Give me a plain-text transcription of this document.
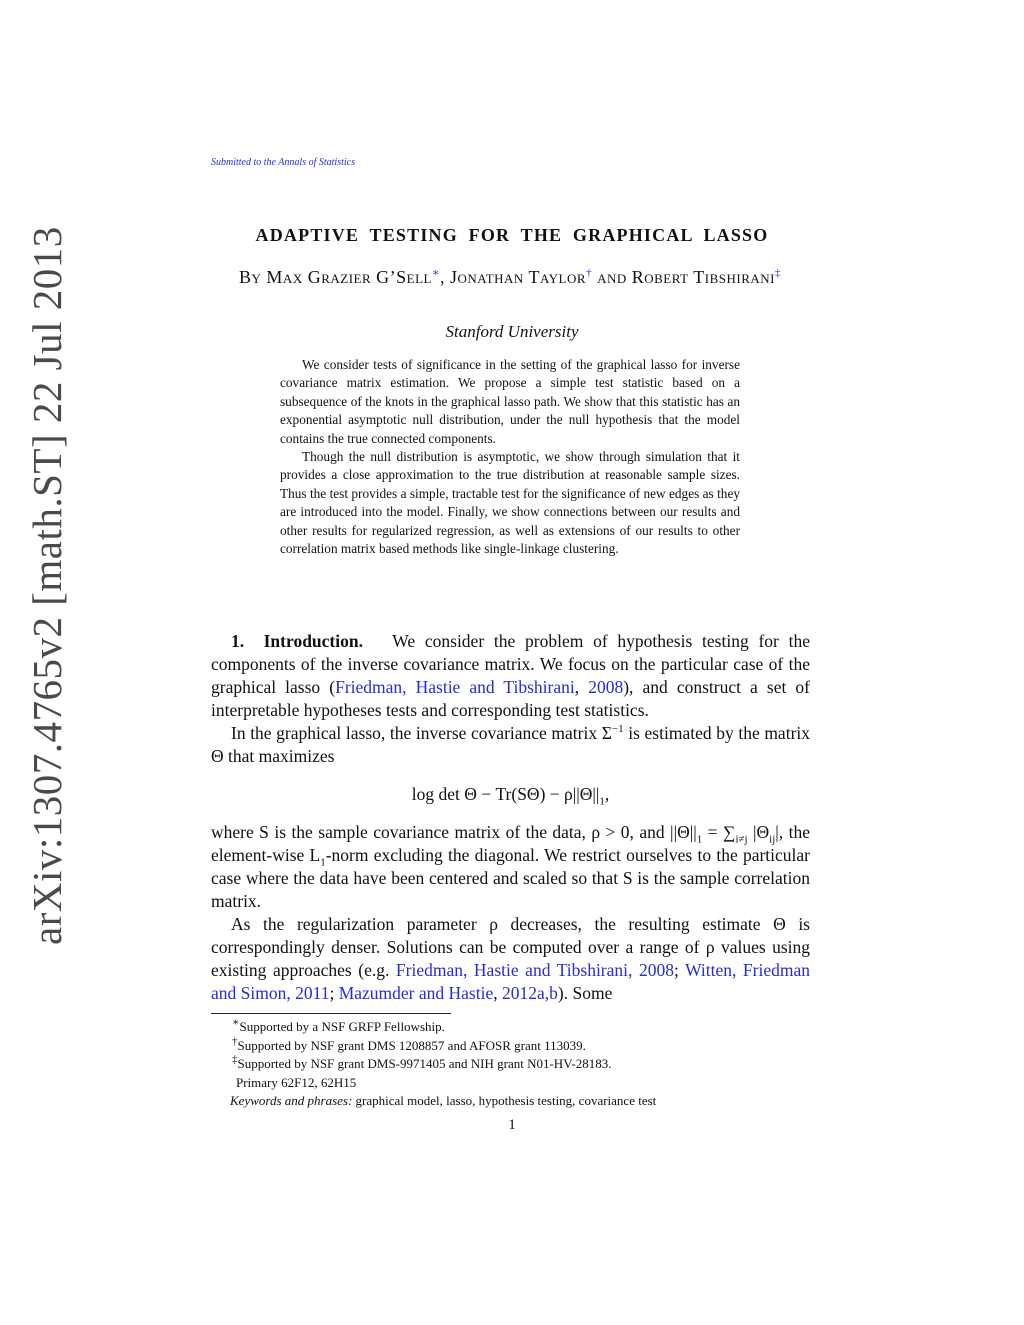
arXiv:1307.4765v2 [math.ST] 22 Jul 2013
Submitted to the Annals of Statistics
ADAPTIVE TESTING FOR THE GRAPHICAL LASSO
By Max Grazier G’Sell∗, Jonathan Taylor† and Robert Tibshirani‡
Stanford University

We consider tests of significance in the setting of the graphical lasso for inverse covariance matrix estimation. We propose a simple test statistic based on a subsequence of the knots in the graphical lasso path. We show that this statistic has an exponential asymptotic null distribution, under the null hypothesis that the model contains the true connected components.

Though the null distribution is asymptotic, we show through simulation that it provides a close approximation to the true distribution at reasonable sample sizes. Thus the test provides a simple, tractable test for the significance of new edges as they are introduced into the model. Finally, we show connections between our results and other results for regularized regression, as well as extensions of our results to other correlation matrix based methods like single-linkage clustering.

1. Introduction. We consider the problem of hypothesis testing for the components of the inverse covariance matrix. We focus on the particular case of the graphical lasso (Friedman, Hastie and Tibshirani, 2008), and construct a set of interpretable hypotheses tests and corresponding test statistics.

In the graphical lasso, the inverse covariance matrix $\Sigma^{-1}$ is estimated by the matrix Θ that maximizes

$\log \det \Theta - Tr(S\Theta) - \rho||\Theta||_1$,

where S is the sample covariance matrix of the data, ρ > 0, and $||\Theta||_1 = \sum_{i\ne j}$ $|\Theta_{ij}|$, the element-wise $L_1$-norm excluding the diagonal. We restrict ourselves to the particular case where the data have been centered and scaled so that S is the sample correlation matrix.

As the regularization parameter ρ decreases, the resulting estimate Θ is correspondingly denser. Solutions can be computed over a range of ρ values using existing approaches (e.g. Friedman, Hastie and Tibshirani, 2008; Witten, Friedman and Simon, 2011; Mazumder and Hastie, 2012a,b). Some

∗Supported by a NSF GRFP Fellowship.
†Supported by NSF grant DMS 1208857 and AFOSR grant 113039.
‡Supported by NSF grant DMS-9971405 and NIH grant N01-HV-28183.
Primary 62F12, 62H15
Keywords and phrases: graphical model, lasso, hypothesis testing, covariance test
1
